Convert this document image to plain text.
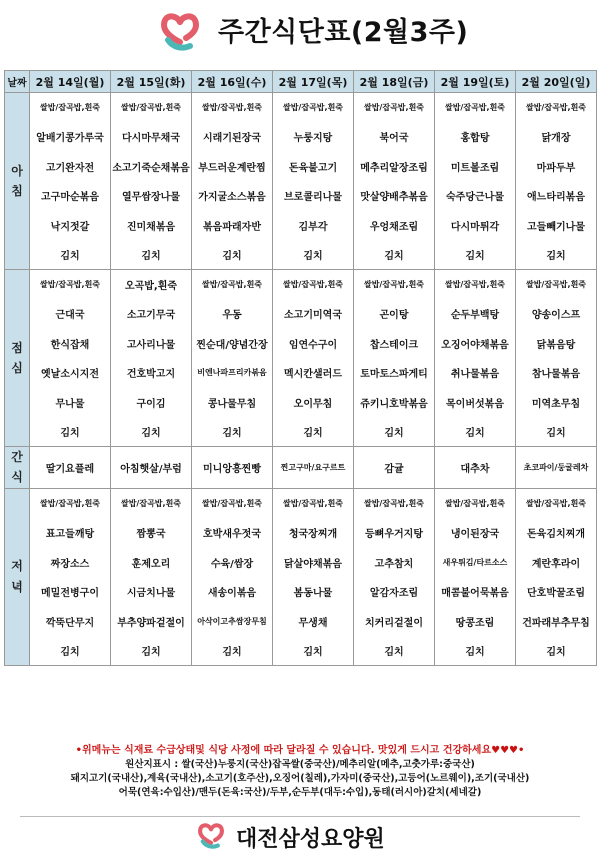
주간식단표(2월3주)
날짜	2월 14일(월)	2월 15일(화)	2월 16일(수)	2월 17일(목)	2월 18일(금)	2월 19일(토)	2월 20일(일)

아
침	쌀밥/잡곡밥,흰죽	쌀밥/잡곡밥,흰죽	쌀밥/잡곡밥,흰죽	쌀밥/잡곡밥,흰죽	쌀밥/잡곡밥,흰죽	쌀밥/잡곡밥,흰죽	쌀밥/잡곡밥,흰죽
	알배기콩가루국	다시마무채국	시래기된장국	누룽지탕	북어국	홍합탕	닭개장
	고기완자전	소고기죽순채볶음	부드러운계란찜	돈육불고기	메추리알장조림	미트볼조림	마파두부
	고구마순볶음	열무쌈장나물	가지굴소스볶음	브로콜리나물	맛살양배추볶음	숙주당근나물	애느타리볶음
	낙지젓갈	진미채볶음	볶음파래자반	김부각	우엉채조림	다시마튀각	고들빼기나물
	김치	김치	김치	김치	김치	김치	김치

점
심	쌀밥/잡곡밥,흰죽	오곡밥,흰죽	쌀밥/잡곡밥,흰죽	쌀밥/잡곡밥,흰죽	쌀밥/잡곡밥,흰죽	쌀밥/잡곡밥,흰죽	쌀밥/잡곡밥,흰죽
	근대국	소고기무국	우동	소고기미역국	곤이탕	순두부백탕	양송이스프
	한식잡채	고사리나물	찐순대/양념간장	임연수구이	찹스테이크	오징어야채볶음	닭볶음탕
	옛날소시지전	건호박고지	비엔나파프리카볶음	멕시칸샐러드	토마토스파게티	취나물볶음	참나물볶음
	무나물	구이김	콩나물무침	오이무침	쥬키니호박볶음	목이버섯볶음	미역초무침
	김치	김치	김치	김치	김치	김치	김치

간
식	딸기요플레	아침햇살/부럼	미니앙흥찐빵	찐고구마/요구르트	감귤	대추차	초코파이/둥굴레차

저
녁	쌀밥/잡곡밥,흰죽	쌀밥/잡곡밥,흰죽	쌀밥/잡곡밥,흰죽	쌀밥/잡곡밥,흰죽	쌀밥/잡곡밥,흰죽	쌀밥/잡곡밥,흰죽	쌀밥/잡곡밥,흰죽
	표고들깨탕	짬뽕국	호박새우젓국	청국장찌개	등뼈우거지탕	냉이된장국	돈육김치찌개
	짜장소스	훈제오리	수육/쌈장	닭살야채볶음	고추참치	새우튀김/타르소스	계란후라이
	메밀전병구이	시금치나물	새송이볶음	봄동나물	알감자조림	매콤불어묵볶음	단호박꿀조림
	깍뚝단무지	부추양파겉절이	아삭이고추쌈장무침	무생채	치커리겉절이	땅콩조림	건파래부추무침
	김치	김치	김치	김치	김치	김치	김치
•위메뉴는 식재료 수급상태및 식당 사정에 따라 달라질 수 있습니다. 맛있게 드시고 건강하세요♥♥♥•
원산지표시 : 쌀(국산)누룽지(국산)잡곡쌀(중국산)/메추리알(메추,고춧가루:중국산)
돼지고기(국내산),계육(국내산),소고기(호주산),오징어(칠레),가자미(중국산),고등어(노르웨이),조기(국내산)
어묵(연육:수입산)/맨두(돈육:국산)/두부,순두부(대두:수입),동태(러시아)갈치(세네갈)
대전삼성요양원
